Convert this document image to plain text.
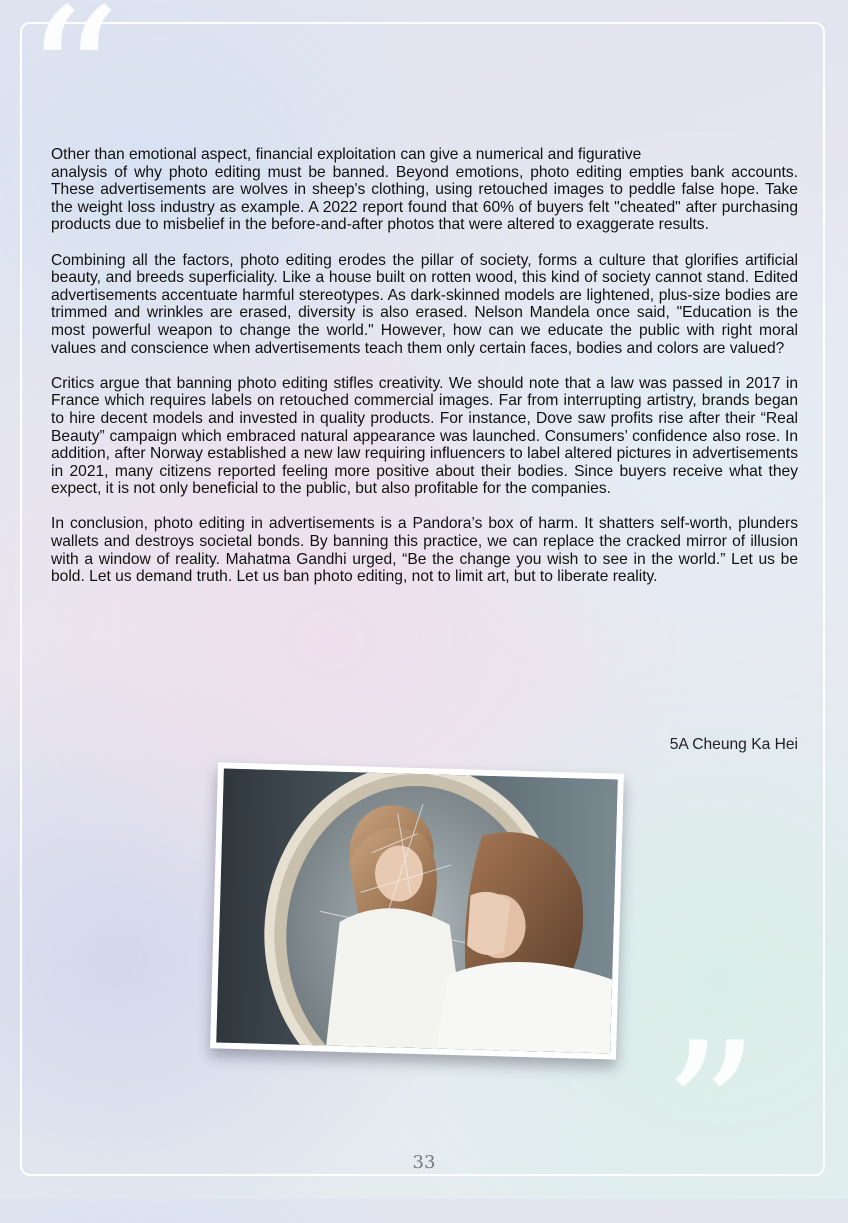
“
”

Other than emotional aspect, financial exploitation can give a numerical and figurative
analysis of why photo editing must be banned. Beyond emotions, photo editing empties bank accounts. These advertisements are wolves in sheep's clothing, using retouched images to peddle false hope. Take the weight loss industry as example. A 2022 report found that 60% of buyers felt "cheated" after purchasing products due to misbelief in the before-and-after photos that were altered to exaggerate results.

Combining all the factors, photo editing erodes the pillar of society, forms a culture that glorifies artificial beauty, and breeds superficiality. Like a house built on rotten wood, this kind of society cannot stand. Edited advertisements accentuate harmful stereotypes. As dark-skinned models are lightened, plus-size bodies are trimmed and wrinkles are erased, diversity is also erased. Nelson Mandela once said, "Education is the most powerful weapon to change the world." However, how can we educate the public with right moral values and conscience when advertisements teach them only certain faces, bodies and colors are valued?

Critics argue that banning photo editing stifles creativity. We should note that a law was passed in 2017 in France which requires labels on retouched commercial images. Far from interrupting artistry, brands began to hire decent models and invested in quality products. For instance, Dove saw profits rise after their “Real Beauty” campaign which embraced natural appearance was launched. Consumers’ confidence also rose. In addition, after Norway established a new law requiring influencers to label altered pictures in advertisements in 2021, many citizens reported feeling more positive about their bodies. Since buyers receive what they expect, it is not only beneficial to the public, but also profitable for the companies.

In conclusion, photo editing in advertisements is a Pandora’s box of harm. It shatters self-worth, plunders wallets and destroys societal bonds. By banning this practice, we can replace the cracked mirror of illusion with a window of reality. Mahatma Gandhi urged, “Be the change you wish to see in the world.” Let us be bold. Let us demand truth. Let us ban photo editing, not to limit art, but to liberate reality.

5A Cheung Ka Hei
33
